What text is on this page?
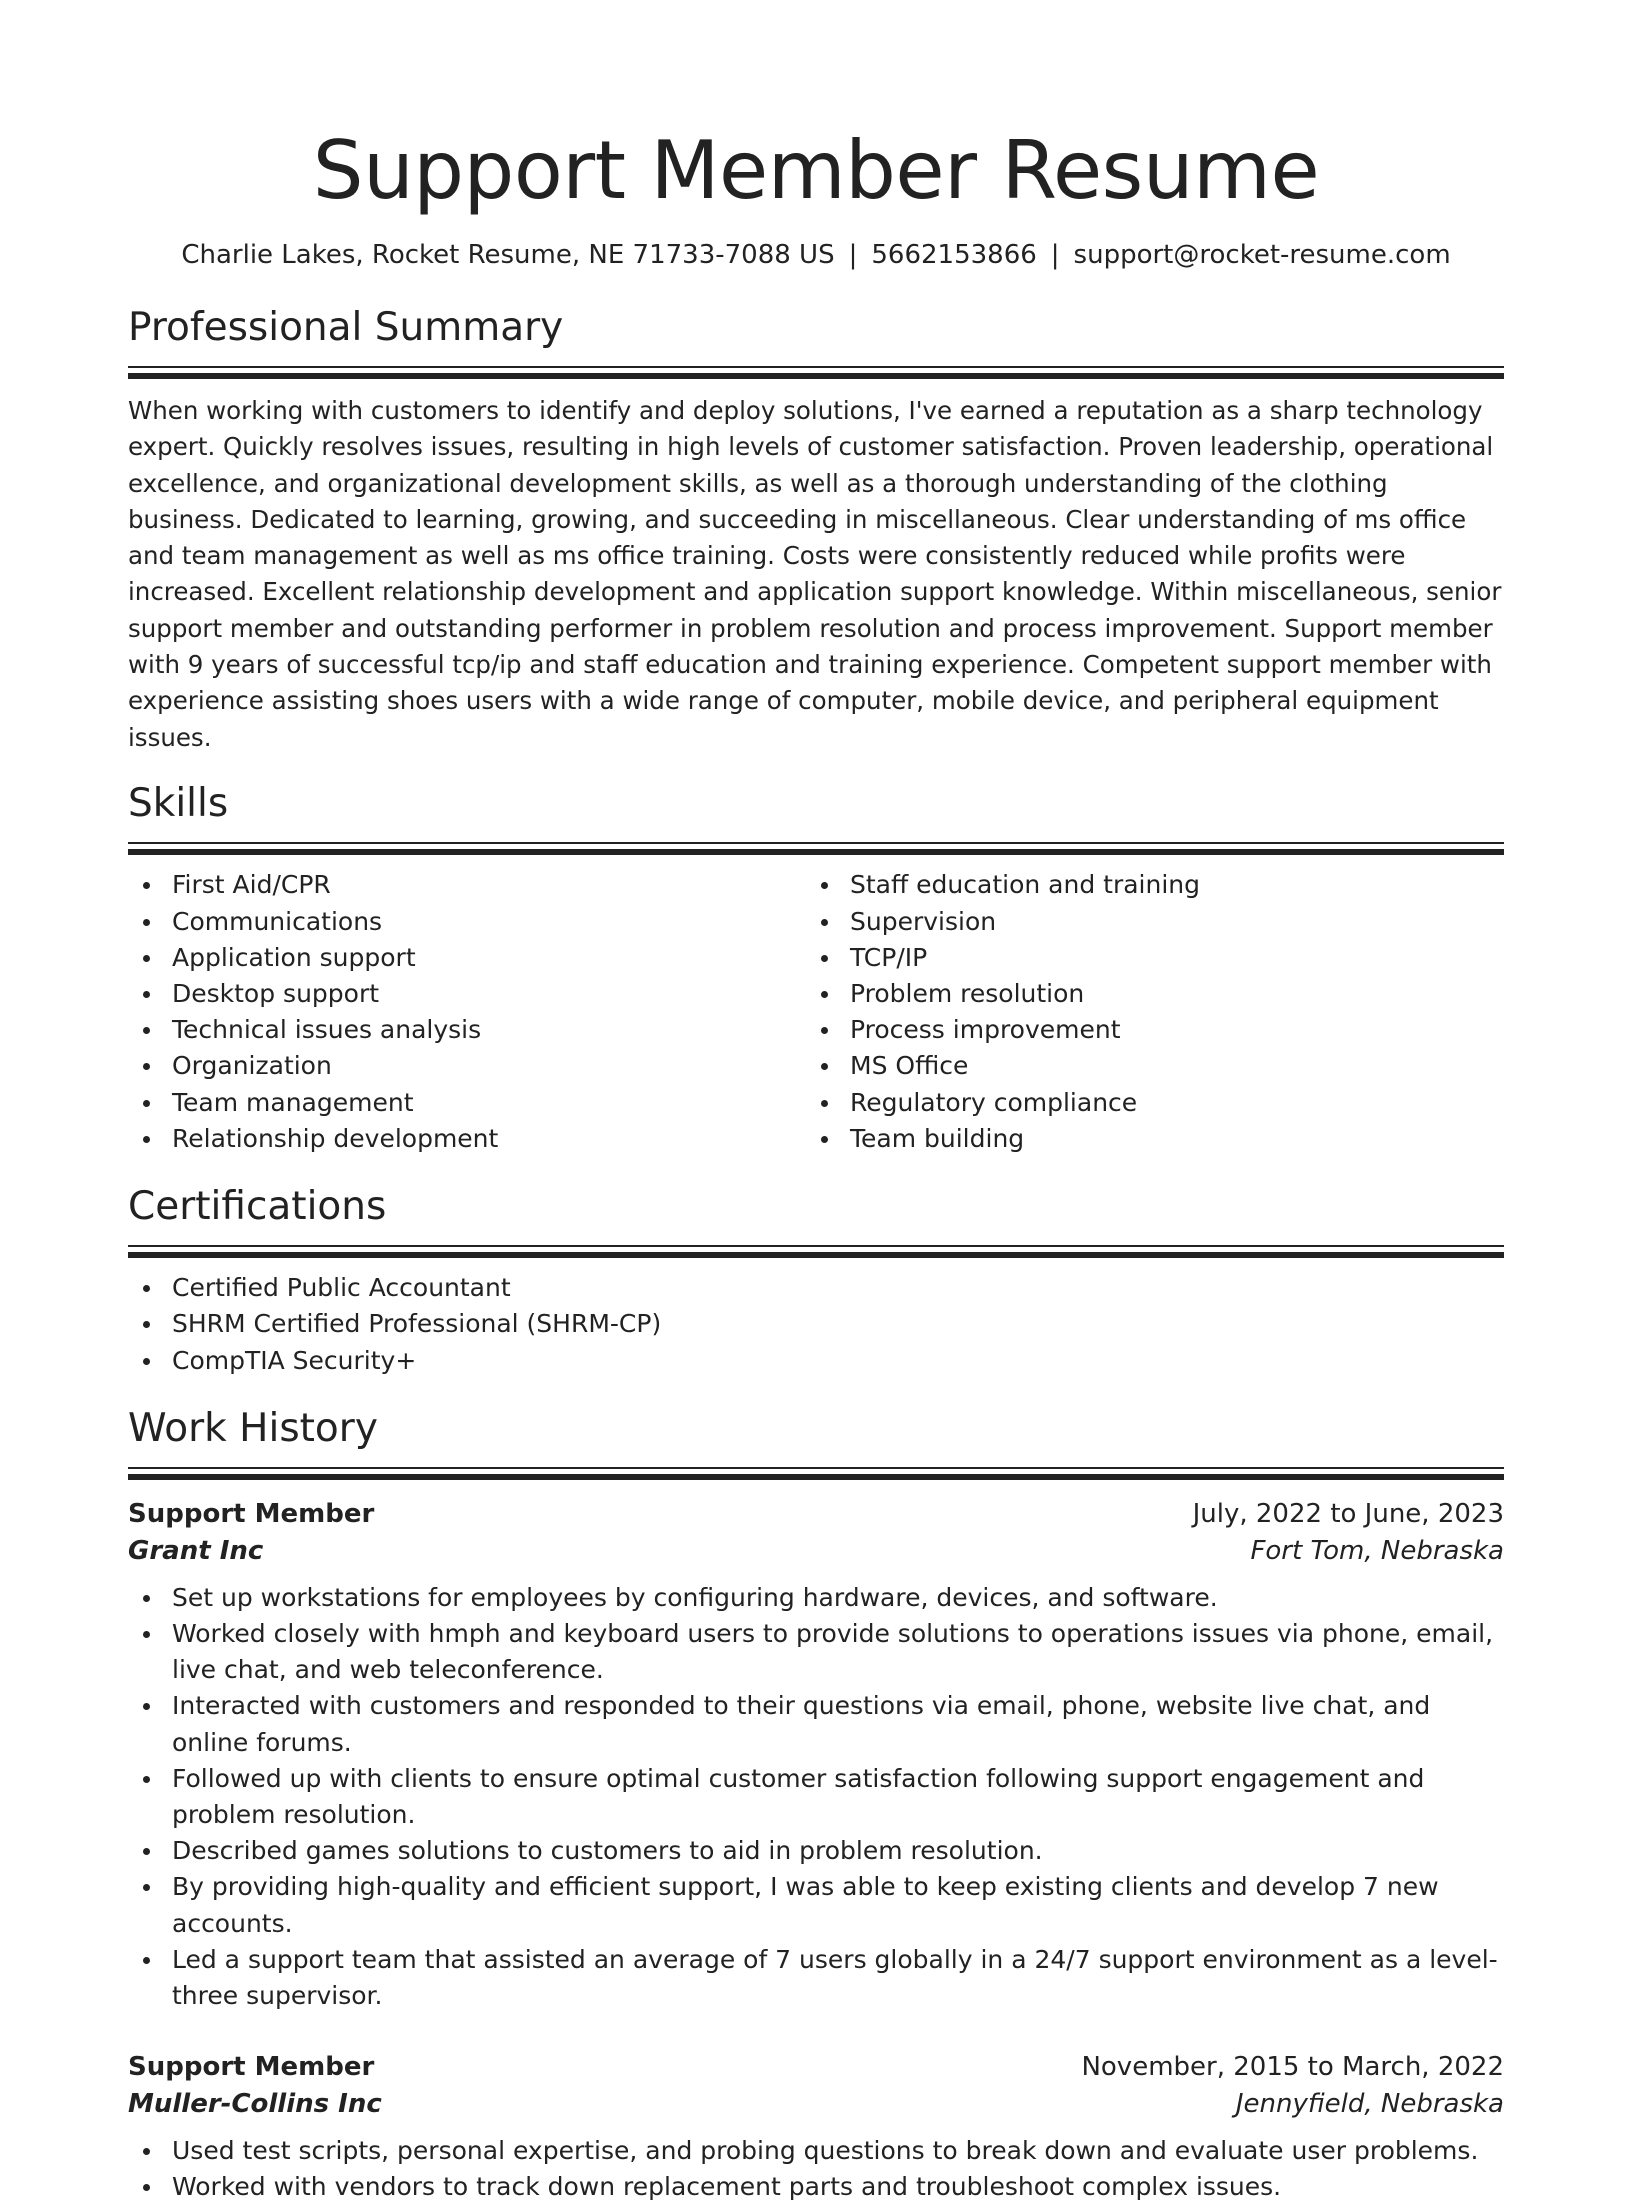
Support Member Resume
Charlie Lakes, Rocket Resume, NE 71733-7088 US | 5662153866 | support@rocket-resume.com
Professional Summary

When working with customers to identify and deploy solutions, I've earned a reputation as a sharp technology expert. Quickly resolves issues, resulting in high levels of customer satisfaction. Proven leadership, operational excellence, and organizational development skills, as well as a thorough understanding of the clothing business. Dedicated to learning, growing, and succeeding in miscellaneous. Clear understanding of ms office and team management as well as ms office training. Costs were consistently reduced while profits were increased. Excellent relationship development and application support knowledge. Within miscellaneous, senior support member and outstanding performer in problem resolution and process improvement. Support member with 9 years of successful tcp/ip and staff education and training experience. Competent support member with experience assisting shoes users with a wide range of computer, mobile device, and peripheral equipment issues.

Skills
First Aid/CPR
Communications
Application support
Desktop support
Technical issues analysis
Organization
Team management
Relationship development
Staff education and training
Supervision
TCP/IP
Problem resolution
Process improvement
MS Office
Regulatory compliance
Team building
Certifications
Certified Public Accountant
SHRM Certified Professional (SHRM-CP)
CompTIA Security+
Work History
Support Member	July, 2022 to June, 2023
Grant Inc	Fort Tom, Nebraska
Set up workstations for employees by configuring hardware, devices, and software.
Worked closely with hmph and keyboard users to provide solutions to operations issues via phone, email, live chat, and web teleconference.
Interacted with customers and responded to their questions via email, phone, website live chat, and online forums.
Followed up with clients to ensure optimal customer satisfaction following support engagement and problem resolution.
Described games solutions to customers to aid in problem resolution.
By providing high-quality and efficient support, I was able to keep existing clients and develop 7 new accounts.
Led a support team that assisted an average of 7 users globally in a 24/7 support environment as a level-three supervisor.
Support Member	November, 2015 to March, 2022
Muller-Collins Inc	Jennyfield, Nebraska
Used test scripts, personal expertise, and probing questions to break down and evaluate user problems.
Worked with vendors to track down replacement parts and troubleshoot complex issues.
